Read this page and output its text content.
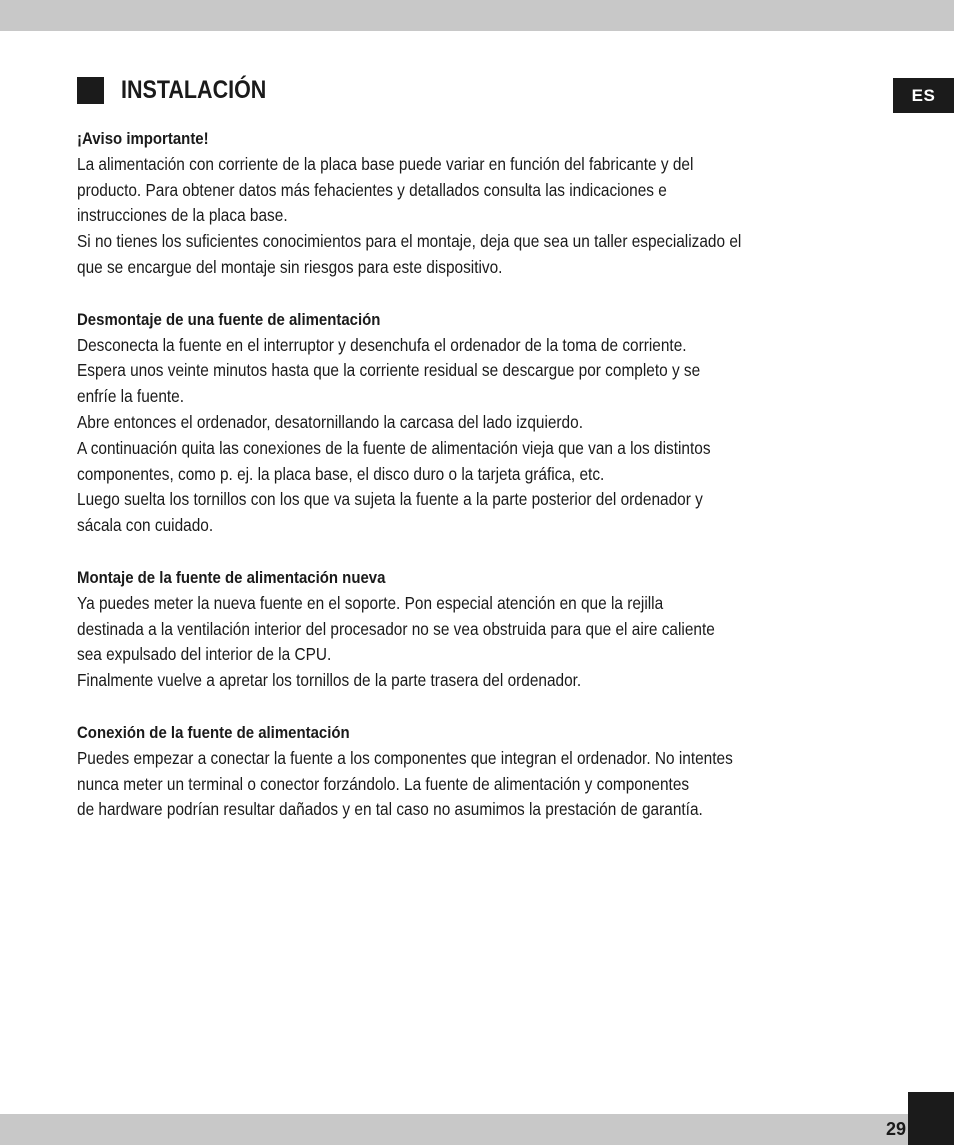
ES
INSTALACIÓN

¡Aviso importante!

La alimentación con corriente de la placa base puede variar en función del fabricante y del

producto. Para obtener datos más fehacientes y detallados consulta las indicaciones e

instrucciones de la placa base.

Si no tienes los suficientes conocimientos para el montaje, deja que sea un taller especializado el

que se encargue del montaje sin riesgos para este dispositivo.

Desmontaje de una fuente de alimentación

Desconecta la fuente en el interruptor y desenchufa el ordenador de la toma de corriente.

Espera unos veinte minutos hasta que la corriente residual se descargue por completo y se

enfríe la fuente.

Abre entonces el ordenador, desatornillando la carcasa del lado izquierdo.

A continuación quita las conexiones de la fuente de alimentación vieja que van a los distintos

componentes, como p. ej. la placa base, el disco duro o la tarjeta gráfica, etc.

Luego suelta los tornillos con los que va sujeta la fuente a la parte posterior del ordenador y

sácala con cuidado.

Montaje de la fuente de alimentación nueva

Ya puedes meter la nueva fuente en el soporte. Pon especial atención en que la rejilla

destinada a la ventilación interior del procesador no se vea obstruida para que el aire caliente

sea expulsado del interior de la CPU.

Finalmente vuelve a apretar los tornillos de la parte trasera del ordenador.

Conexión de la fuente de alimentación

Puedes empezar a conectar la fuente a los componentes que integran el ordenador. No intentes

nunca meter un terminal o conector forzándolo. La fuente de alimentación y componentes

de hardware podrían resultar dañados y en tal caso no asumimos la prestación de garantía.

29
